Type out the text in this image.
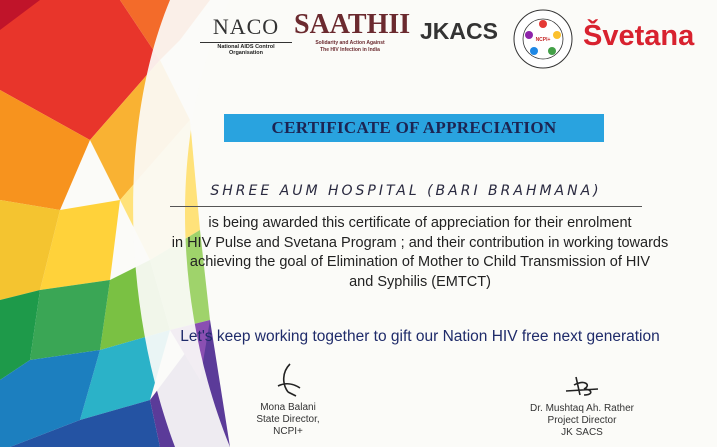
NACO
National AIDS Control Organisation
SAATHII
Solidarity and Action Against
The HIV Infection in India
JKACS	NCPI+ Švetana
CERTIFICATE OF APPRECIATION
SHREE AUM HOSPITAL (BARI BRAHMANA)
is being awarded this certificate of appreciation for their enrolment
in HIV Pulse and Svetana Program ; and their contribution in working towards
achieving the goal of Elimination of Mother to Child Transmission of HIV
and Syphilis (EMTCT)
Let's keep working together to gift our Nation HIV free next generation
Mona Balani
State Director,
NCPI+
Dr. Mushtaq Ah. Rather
Project Director
JK SACS
